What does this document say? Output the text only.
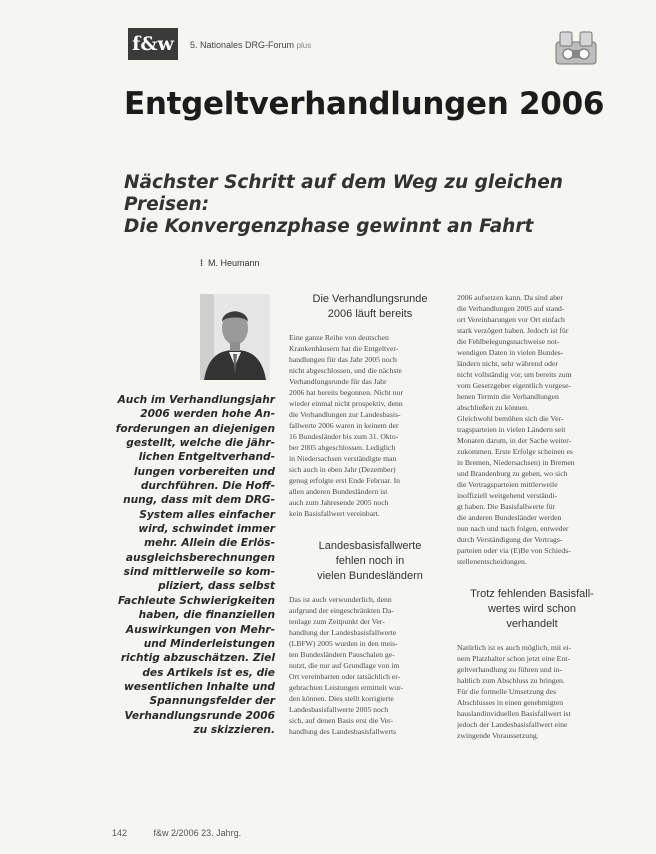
f&w	5. Nationales DRG-Forum plus
Entgeltverhandlungen 2006
Nächster Schritt auf dem Weg zu gleichen Preisen:
Die Konvergenzphase gewinnt an Fahrt
⁞ M. Heumann
Auch im Verhandlungsjahr
2006 werden hohe An-
forderungen an diejenigen
gestellt, welche die jähr-
lichen Entgeltverhand-
lungen vorbereiten und
durchführen. Die Hoff-
nung, dass mit dem DRG-
System alles einfacher
wird, schwindet immer
mehr. Allein die Erlös-
ausgleichsberechnungen
sind mittlerweile so kom-
pliziert, dass selbst
Fachleute Schwierigkeiten
haben, die finanziellen
Auswirkungen von Mehr-
und Minderleistungen
richtig abzuschätzen. Ziel
des Artikels ist es, die
wesentlichen Inhalte und
Spannungsfelder der
Verhandlungsrunde 2006
zu skizzieren.
Die Verhandlungsrunde
2006 läuft bereits
Eine ganze Reihe von deutschen
Krankenhäusern hat die Entgeltver-
handlungen für das Jahr 2005 noch
nicht abgeschlossen, und die nächste
Verhandlungsrunde für das Jahr
2006 hat bereits begonnen. Nicht nur
wieder einmal nicht prospektiv, denn
die Verhandlungen zur Landesbasis-
fallwerte 2006 waren in keinem der
16 Bundesländer bis zum 31. Okto-
ber 2005 abgeschlossen. Lediglich
in Niedersachsen verständigte man
sich auch in eben Jahr (Dezember)
genug erfolgte erst Ende Februar. In
allen anderen Bundesländern ist
auch zum Jahresende 2005 noch
kein Basisfallwert vereinbart.
Landesbasisfallwerte
fehlen noch in
vielen Bundesländern
Das ist auch verwunderlich, denn
aufgrund der eingeschränkten Da-
tenlage zum Zeitpunkt der Ver-
handlung der Landesbasisfallwerte
(LBFW) 2005 wurden in den meis-
ten Bundesländern Pauschalen ge-
nutzt, die nur auf Grundlage von im
Ort vereinbarten oder tatsächlich er-
gebrachten Leistungen ermittelt wur-
den können. Dies stellt korrigierte
Landesbasisfallwerte 2005 noch
sich, auf denen Basis erst die Ver-
handlung des Landesbasisfallwerts
2006 aufsetzen kann. Da sind aber
die Verhandlungen 2005 auf stand-
ort Vereinbarungen vor Ort einfach
stark verzögert haben. Jedoch ist für
die Fehlbelegungsnachweise not-
wendigen Daten in vielen Bundes-
ländern nicht, sehr während oder
nicht vollständig vor, um bereits zum
vom Gesetzgeber eigentlich vorgese-
henen Termin die Verhandlungen
abschließen zu können.
Gleichwohl bemühen sich die Ver-
tragsparteien in vielen Ländern seit
Monaten darum, in der Sache weiter-
zukommen. Erste Erfolge scheinen es
in Bremen, Niedersachsen) in Bremen
und Brandenburg zu geben, wo sich
die Vertragsparteien mittlerweile
inoffiziell weitgehend verständi-
gt haben. Die Basisfallwerte für
die anderen Bundesländer werden
nun nach und nach folgen, entweder
durch Verständigung der Vertrags-
parteien oder via (E)Be von Schieds-
stellenentscheidungen.
Trotz fehlenden Basisfall-
wertes wird schon
verhandelt
Natürlich ist es auch möglich, mit ei-
nem Platzhalter schon jetzt eine Ent-
geltverhandlung zu führen und in-
haltlich zum Abschluss zu bringen.
Für die formelle Umsetzung des
Abschlusses in einen genehmigten
hauslandinviduellen Basisfallwert ist
jedoch der Landesbasisfallwert eine
zwingende Voraussetzung.
142	f&w 2/2006 23. Jahrg.
